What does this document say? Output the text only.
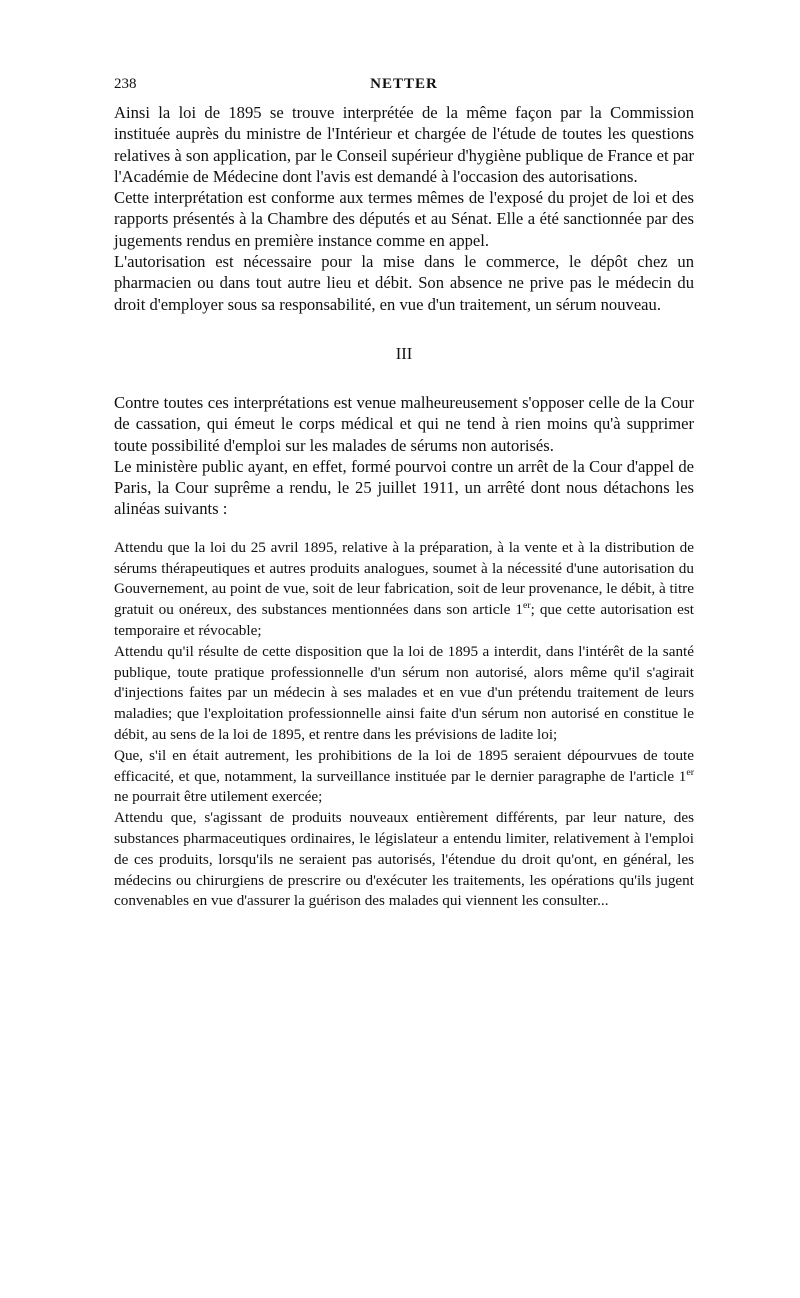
238	NETTER

Ainsi la loi de 1895 se trouve interprétée de la même façon par la Commission instituée auprès du ministre de l'Intérieur et chargée de l'étude de toutes les questions relatives à son application, par le Conseil supérieur d'hygiène publique de France et par l'Académie de Médecine dont l'avis est demandé à l'occasion des autorisations.

Cette interprétation est conforme aux termes mêmes de l'exposé du projet de loi et des rapports présentés à la Chambre des députés et au Sénat. Elle a été sanctionnée par des jugements rendus en première instance comme en appel.

L'autorisation est nécessaire pour la mise dans le commerce, le dépôt chez un pharmacien ou dans tout autre lieu et débit. Son absence ne prive pas le médecin du droit d'employer sous sa responsabilité, en vue d'un traitement, un sérum nouveau.

III

Contre toutes ces interprétations est venue malheureusement s'opposer celle de la Cour de cassation, qui émeut le corps médical et qui ne tend à rien moins qu'à supprimer toute possibilité d'emploi sur les malades de sérums non autorisés.

Le ministère public ayant, en effet, formé pourvoi contre un arrêt de la Cour d'appel de Paris, la Cour suprême a rendu, le 25 juillet 1911, un arrêté dont nous détachons les alinéas suivants :

Attendu que la loi du 25 avril 1895, relative à la préparation, à la vente et à la distribution de sérums thérapeutiques et autres produits analogues, soumet à la nécessité d'une autorisation du Gouvernement, au point de vue, soit de leur fabrication, soit de leur provenance, le débit, à titre gratuit ou onéreux, des substances mentionnées dans son article 1er; que cette autorisation est temporaire et révocable;

Attendu qu'il résulte de cette disposition que la loi de 1895 a interdit, dans l'intérêt de la santé publique, toute pratique professionnelle d'un sérum non autorisé, alors même qu'il s'agirait d'injections faites par un médecin à ses malades et en vue d'un prétendu traitement de leurs maladies; que l'exploitation professionnelle ainsi faite d'un sérum non autorisé en constitue le débit, au sens de la loi de 1895, et rentre dans les prévisions de ladite loi;

Que, s'il en était autrement, les prohibitions de la loi de 1895 seraient dépourvues de toute efficacité, et que, notamment, la surveillance instituée par le dernier paragraphe de l'article 1er ne pourrait être utilement exercée;

Attendu que, s'agissant de produits nouveaux entièrement différents, par leur nature, des substances pharmaceutiques ordinaires, le législateur a entendu limiter, relativement à l'emploi de ces produits, lorsqu'ils ne seraient pas autorisés, l'étendue du droit qu'ont, en général, les médecins ou chirurgiens de prescrire ou d'exécuter les traitements, les opérations qu'ils jugent convenables en vue d'assurer la guérison des malades qui viennent les consulter...
